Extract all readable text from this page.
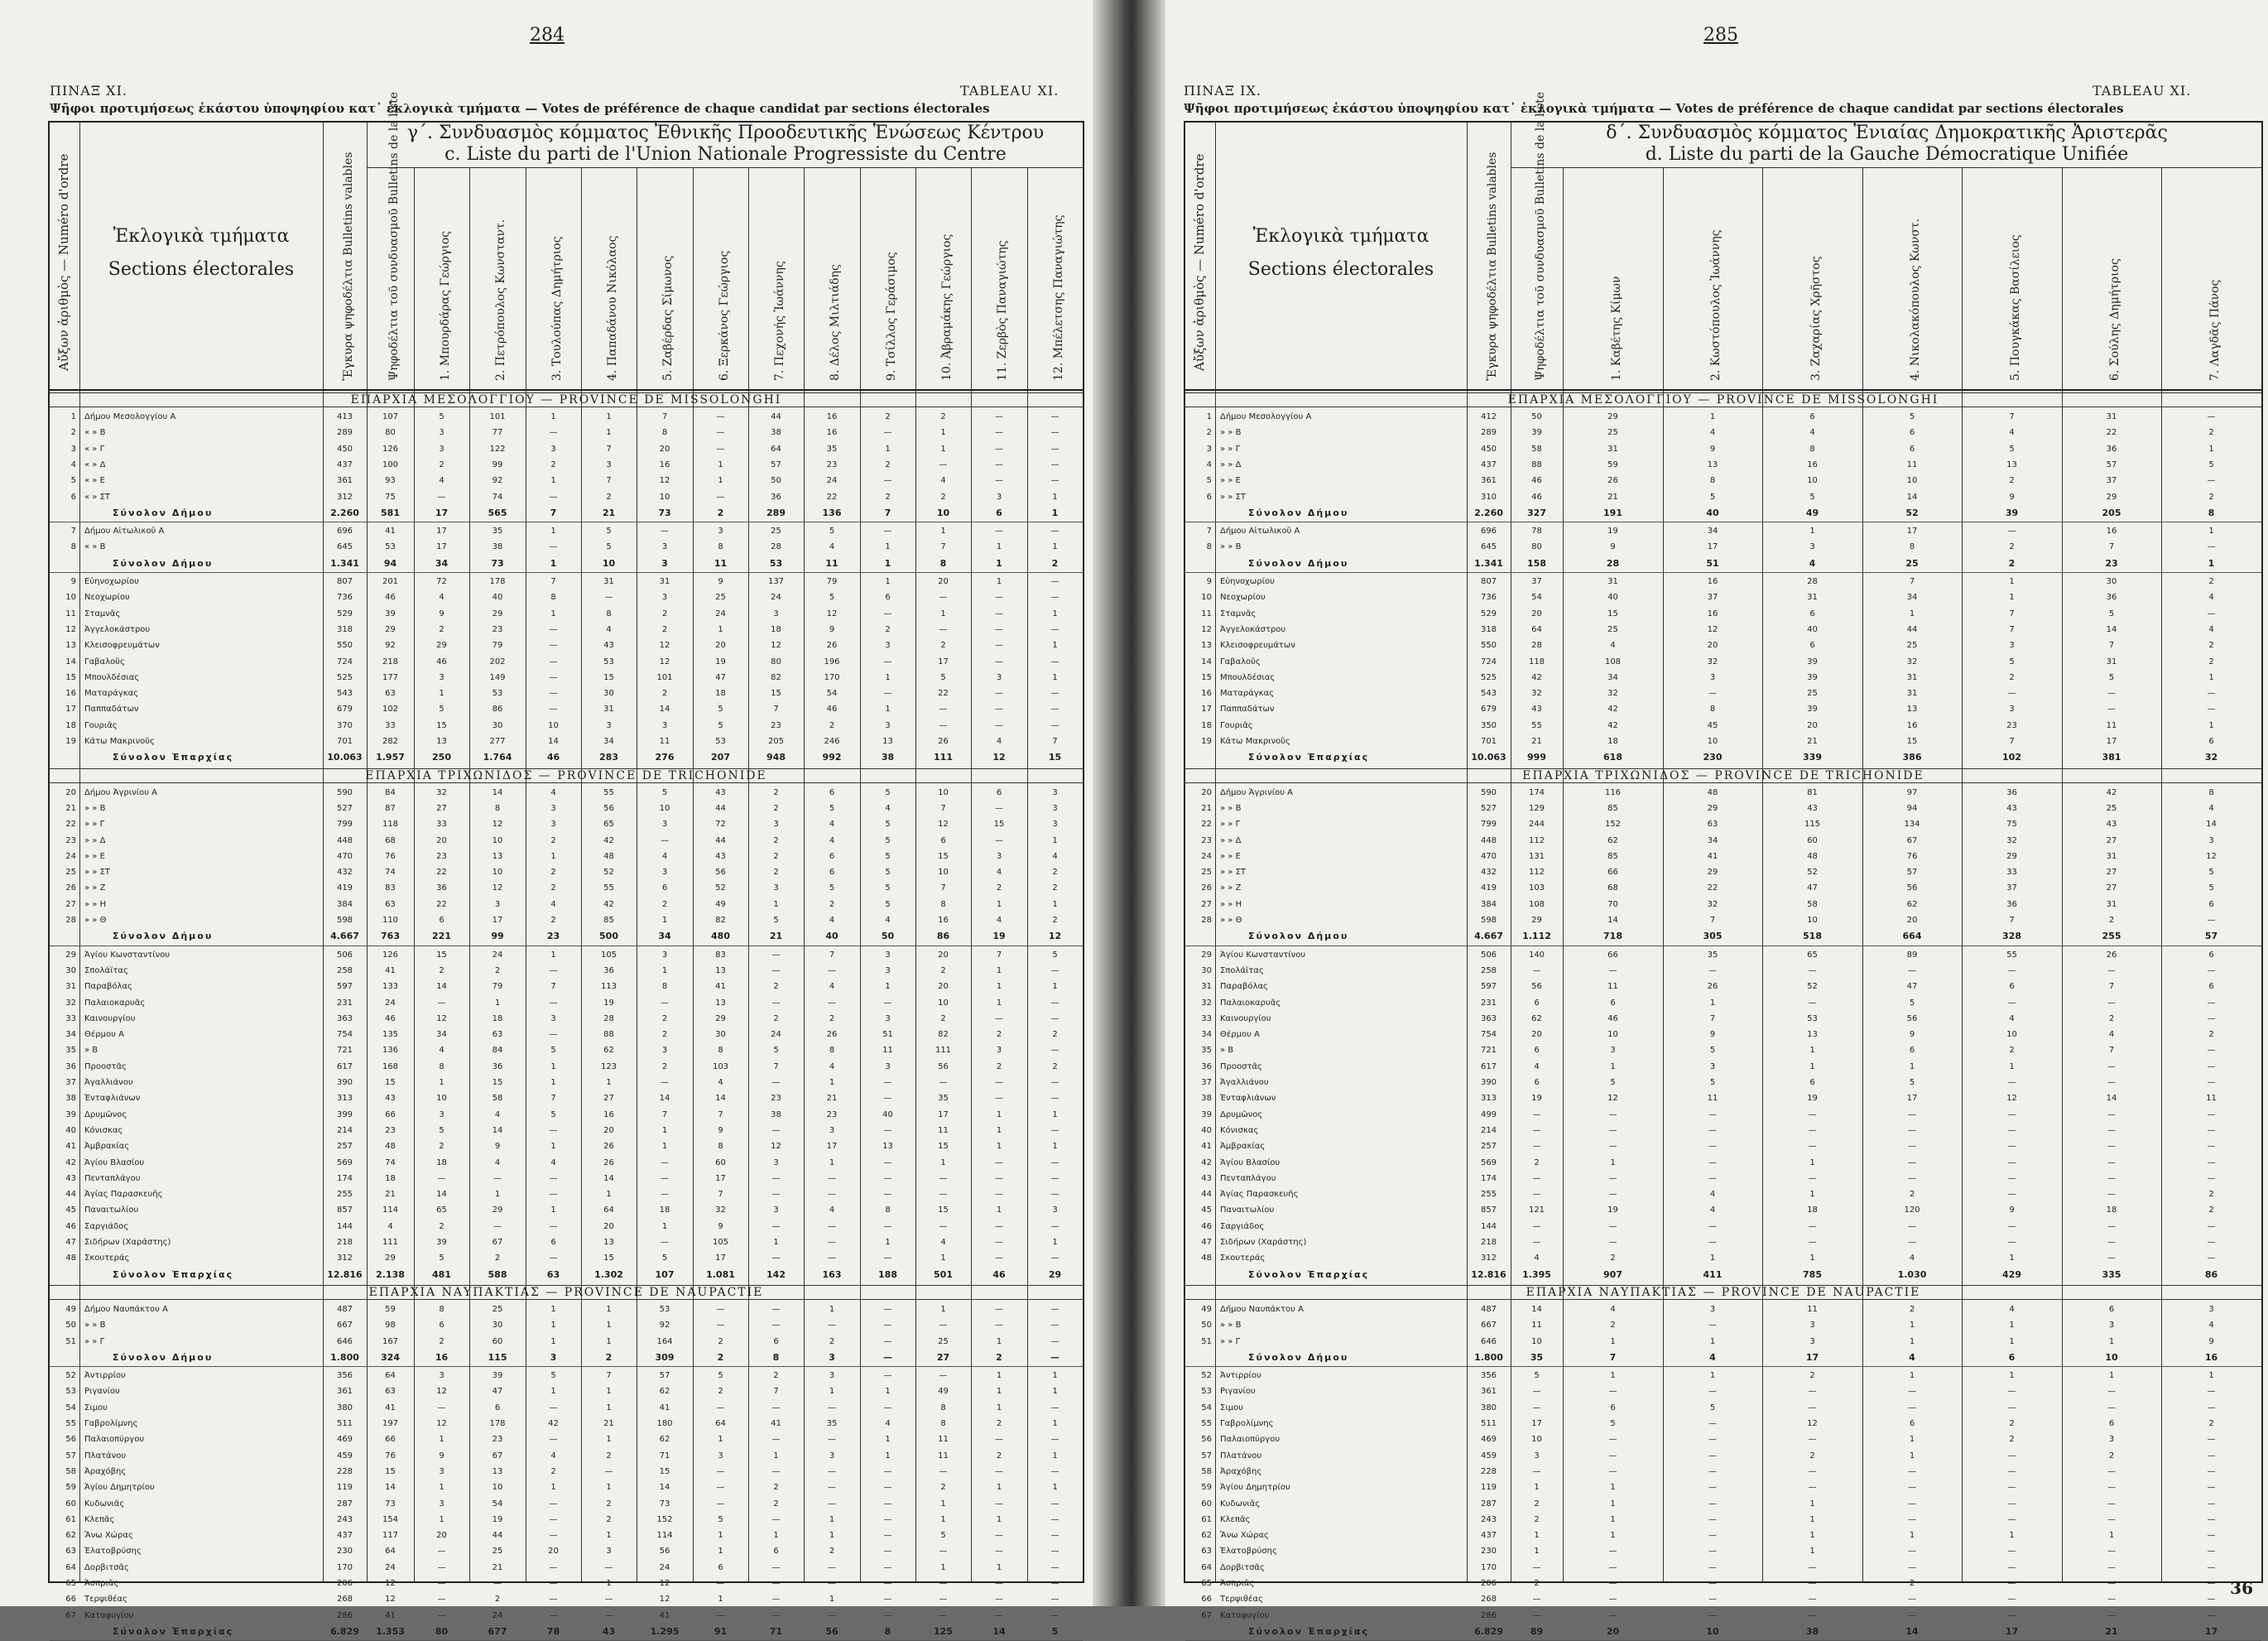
284
ΠΙΝΑΞ XI.	TABLEAU XI.
Ψῆφοι προτιμήσεως ἑκάστου ὑποψηφίου κατ᾽ ἐκλογικὰ τμήματα — Votes de préférence de chaque candidat par sections électorales
Αὔξων ἀριθμὸς — Numéro d'ordre	Ἐκλογικὰ τμήματα
Sections électorales	Ἔγκυρα ψηφοδέλτια Bulletins valables
γ΄. Συνδυασμὸς κόμματος Ἐθνικῆς Προοδευτικῆς Ἑνώσεως Κέντρου
c. Liste du parti de l'Union Nationale Progressiste du Centre
Ψηφοδέλτια τοῦ συνδυασμοῦ Bulletins de la liste	1. Μπουρδάρας Γεώργιος	2. Πετρόπουλος Κωνσταντ.	3. Τουλούπας Δημήτριος	4. Παπαδάνου Νικόλαος	5. Ζαβέρδας Σίμωνος	6. Ξερκάνος Γεώργιος	7. Πεχονής Ἰωάννης	8. Δέλος Μιλτιάδης	9. Τσίλλος Γεράσιμος	10. Ἀβραμάκης Γεώργιος	11. Ζερβὸς Παναγιώτης	12. Μπέλετσης Παναγιώτης
ΕΠΑΡΧΙΑ ΜΕΣΟΛΟΓΓΙΟΥ — PROVINCE DE MISSOLONGHI
1 Δήμου Μεσολογγίου Α	413	107	5	101	1	1	7	—	44	16	2	2	—	—
2 « » Β	289	80	3	77	—	1	8	—	38	16	—	1	—	—
3 « » Γ	450	126	3	122	3	7	20	—	64	35	1	1	—	—
4 « » Δ	437	100	2	99	2	3	16	1	57	23	2	—	—	—
5 « » Ε	361	93	4	92	1	7	12	1	50	24	—	4	—	—
6 « » ΣΤ	312	75	—	74	—	2	10	—	36	22	2	2	3	1
Σύνολον Δήμου	2.260	581	17	565	7	21	73	2	289	136	7	10	6	1
7 Δήμου Αἰτωλικοῦ Α	696	41	17	35	1	5	—	3	25	5	—	1	—	—
8 « » Β	645	53	17	38	—	5	3	8	28	4	1	7	1	1
Σύνολον Δήμου	1.341	94	34	73	1	10	3	11	53	11	1	8	1	2
9 Εὐηνοχωρίου	807	201	72	178	7	31	31	9	137	79	1	20	1	—
10 Νεοχωρίου	736	46	4	40	8	—	3	25	24	5	6	—	—	—
11 Σταμνᾶς	529	39	9	29	1	8	2	24	3	12	—	1	—	1
12 Ἀγγελοκάστρου	318	29	2	23	—	4	2	1	18	9	2	—	—	—
13 Κλεισοφρευμάτων	550	92	29	79	—	43	12	20	12	26	3	2	—	1
14 Γαβαλοῦς	724	218	46	202	—	53	12	19	80	196	—	17	—	—
15 Μπουλδέσιας	525	177	3	149	—	15	101	47	82	170	1	5	3	1
16 Ματαράγκας	543	63	1	53	—	30	2	18	15	54	—	22	—	—
17 Παππαδάτων	679	102	5	86	—	31	14	5	7	46	1	—	—	—
18 Γουριᾶς	370	33	15	30	10	3	3	5	23	2	3	—	—	—
19 Κάτω Μακρινοῦς	701	282	13	277	14	34	11	53	205	246	13	26	4	7
Σύνολον Ἐπαρχίας	10.063	1.957	250	1.764	46	283	276	207	948	992	38	111	12	15
ΕΠΑΡΧΙΑ ΤΡΙΧΩΝΙΔΟΣ — PROVINCE DE TRICHONIDE
20 Δήμου Ἀγρινίου Α	590	84	32	14	4	55	5	43	2	6	5	10	6	3
21 » » Β	527	87	27	8	3	56	10	44	2	5	4	7	—	3
22 » » Γ	799	118	33	12	3	65	3	72	3	4	5	12	15	3
23 » » Δ	448	68	20	10	2	42	—	44	2	4	5	6	—	1
24 » » Ε	470	76	23	13	1	48	4	43	2	6	5	15	3	4
25 » » ΣΤ	432	74	22	10	2	52	3	56	2	6	5	10	4	2
26 » » Ζ	419	83	36	12	2	55	6	52	3	5	5	7	2	2
27 » » Η	384	63	22	3	4	42	2	49	1	2	5	8	1	1
28 » » Θ	598	110	6	17	2	85	1	82	5	4	4	16	4	2
Σύνολον Δήμου	4.667	763	221	99	23	500	34	480	21	40	50	86	19	12
29 Ἁγίου Κωνσταντίνου	506	126	15	24	1	105	3	83	—	7	3	20	7	5
30 Σπολάϊτας	258	41	2	2	—	36	1	13	—	—	3	2	1	—
31 Παραβόλας	597	133	14	79	7	113	8	41	2	4	1	20	1	1
32 Παλαιοκαρυᾶς	231	24	—	1	—	19	—	13	—	—	—	10	1	—
33 Καινουργίου	363	46	12	18	3	28	2	29	2	2	3	2	—	—
34 Θέρμου Α	754	135	34	63	—	88	2	30	24	26	51	82	2	2
35 » Β	721	136	4	84	5	62	3	8	5	8	11	111	3	—
36 Προοστᾶς	617	168	8	36	1	123	2	103	7	4	3	56	2	2
37 Ἀγαλλιάνου	390	15	1	15	1	1	—	4	—	1	—	—	—	—
38 Ἐνταφλιάνων	313	43	10	58	7	27	14	14	23	21	—	35	—	—
39 Δρυμῶνος	399	66	3	4	5	16	7	7	38	23	40	17	1	1
40 Κόνισκας	214	23	5	14	—	20	1	9	—	3	—	11	1	—
41 Ἀμβρακίας	257	48	2	9	1	26	1	8	12	17	13	15	1	1
42 Ἁγίου Βλασίου	569	74	18	4	4	26	—	60	3	1	—	1	—	—
43 Πενταπλάγου	174	18	—	—	—	14	—	17	—	—	—	—	—	—
44 Ἁγίας Παρασκευῆς	255	21	14	1	—	1	—	7	—	—	—	—	—	—
45 Παναιτωλίου	857	114	65	29	1	64	18	32	3	4	8	15	1	3
46 Σαργιάδος	144	4	2	—	—	20	1	9	—	—	—	—	—	—
47 Σιδήρων (Χαράστης)	218	111	39	67	6	13	—	105	1	—	1	4	—	1
48 Σκουτεράς	312	29	5	2	—	15	5	17	—	—	—	1	—	—
Σύνολον Ἐπαρχίας	12.816	2.138	481	588	63	1.302	107	1.081	142	163	188	501	46	29
ΕΠΑΡΧΙΑ ΝΑΥΠΑΚΤΙΑΣ — PROVINCE DE NAUPACTIE
49 Δήμου Ναυπάκτου Α	487	59	8	25	1	1	53	—	—	1	—	1	—	—
50 » » Β	667	98	6	30	1	1	92	—	—	—	—	—	—	—
51 » » Γ	646	167	2	60	1	1	164	2	6	2	—	25	1	—
Σύνολον Δήμου	1.800	324	16	115	3	2	309	2	8	3	—	27	2	—
52 Ἀντιρρίου	356	64	3	39	5	7	57	5	2	3	—	—	1	1
53 Ριγανίου	361	63	12	47	1	1	62	2	7	1	1	49	1	1
54 Σιμου	380	41	—	6	—	1	41	—	—	—	—	8	1	—
55 Γαβρολίμνης	511	197	12	178	42	21	180	64	41	35	4	8	2	1
56 Παλαιοπύργου	469	66	1	23	—	1	62	1	—	—	1	11	—	—
57 Πλατάνου	459	76	9	67	4	2	71	3	1	3	1	11	2	1
58 Ἀραχόβης	228	15	3	13	2	—	15	—	—	—	—	—	—	—
59 Ἁγίου Δημητρίου	119	14	1	10	1	1	14	—	2	—	—	2	1	1
60 Κυδωνιᾶς	287	73	3	54	—	2	73	—	2	—	—	1	—	—
61 Κλεπᾶς	243	154	1	19	—	2	152	5	—	1	—	1	1	—
62 Ἄνω Χώρας	437	117	20	44	—	1	114	1	1	1	—	5	—	—
63 Ἐλατοβρύσης	230	64	—	25	20	3	56	1	6	2	—	—	—	—
64 Δορβιτσᾶς	170	24	—	21	—	—	24	6	—	—	—	1	1	—
65 Ἀσπριᾶς	206	12	—	—	—	1	12	—	—	—	—	—	—	—
66 Τερψιθέας	268	12	—	2	—	—	12	1	—	1	—	—	—	—
67 Καταφυγίου	286	41	—	24	—	—	41	—	—	—	—	—	—	—
Σύνολον Ἐπαρχίας	6.829	1.353	80	677	78	43	1.295	91	71	56	8	125	14	5
285
ΠΙΝΑΞ IX.	TABLEAU XI.
Ψῆφοι προτιμήσεως ἑκάστου ὑποψηφίου κατ᾽ ἐκλογικὰ τμήματα — Votes de préférence de chaque candidat par sections électorales
Αὔξων ἀριθμὸς — Numéro d'ordre	Ἐκλογικὰ τμήματα
Sections électorales	Ἔγκυρα ψηφοδέλτια Bulletins valables
δ΄. Συνδυασμὸς κόμματος Ἑνιαίας Δημοκρατικῆς Ἀριστερᾶς
d. Liste du parti de la Gauche Démocratique Unifiée
Ψηφοδέλτια τοῦ συνδυασμοῦ Bulletins de la liste	1. Καβέτης Κίμων	2. Κωστόπουλος Ἰωάννης	3. Ζαχαρίας Χρῆστος	4. Νικολακόπουλος Κωνστ.	5. Πουγκάκας Βασίλειος	6. Σούλης Δημήτριος	7. Λαγδᾶς Πάνος
ΕΠΑΡΧΙΑ ΜΕΣΟΛΟΓΓΙΟΥ — PROVINCE DE MISSOLONGHI
1 Δήμου Μεσολογγίου Α	412	50	29	1	6	5	7	31	—
2 » » Β	289	39	25	4	4	6	4	22	2
3 » » Γ	450	58	31	9	8	6	5	36	1
4 » » Δ	437	88	59	13	16	11	13	57	5
5 » » Ε	361	46	26	8	10	10	2	37	—
6 » » ΣΤ	310	46	21	5	5	14	9	29	2
Σύνολον Δήμου	2.260	327	191	40	49	52	39	205	8
7 Δήμου Αἰτωλικοῦ Α	696	78	19	34	1	17	—	16	1
8 » » Β	645	80	9	17	3	8	2	7	—
Σύνολον Δήμου	1.341	158	28	51	4	25	2	23	1
9 Εὐηνοχωρίου	807	37	31	16	28	7	1	30	2
10 Νεοχωρίου	736	54	40	37	31	34	1	36	4
11 Σταμνᾶς	529	20	15	16	6	1	7	5	—
12 Ἀγγελοκάστρου	318	64	25	12	40	44	7	14	4
13 Κλεισοφρευμάτων	550	28	4	20	6	25	3	7	2
14 Γαβαλοῦς	724	118	108	32	39	32	5	31	2
15 Μπουλδέσιας	525	42	34	3	39	31	2	5	1
16 Ματαράγκας	543	32	32	—	25	31	—	—	—
17 Παππαδάτων	679	43	42	8	39	13	3	—	—
18 Γουριᾶς	350	55	42	45	20	16	23	11	1
19 Κάτω Μακρινοῦς	701	21	18	10	21	15	7	17	6
Σύνολον Ἐπαρχίας	10.063	999	618	230	339	386	102	381	32
ΕΠΑΡΧΙΑ ΤΡΙΧΩΝΙΔΟΣ — PROVINCE DE TRICHONIDE
20 Δήμου Ἀγρινίου Α	590	174	116	48	81	97	36	42	8
21 » » Β	527	129	85	29	43	94	43	25	4
22 » » Γ	799	244	152	63	115	134	75	43	14
23 » » Δ	448	112	62	34	60	67	32	27	3
24 » » Ε	470	131	85	41	48	76	29	31	12
25 » » ΣΤ	432	112	66	29	52	57	33	27	5
26 » » Ζ	419	103	68	22	47	56	37	27	5
27 » » Η	384	108	70	32	58	62	36	31	6
28 » » Θ	598	29	14	7	10	20	7	2	—
Σύνολον Δήμου	4.667	1.112	718	305	518	664	328	255	57
29 Ἁγίου Κωνσταντίνου	506	140	66	35	65	89	55	26	6
30 Σπολάϊτας	258	—	—	—	—	—	—	—	—
31 Παραβόλας	597	56	11	26	52	47	6	7	6
32 Παλαιοκαρυᾶς	231	6	6	1	—	5	—	—	—
33 Καινουργίου	363	62	46	7	53	56	4	2	—
34 Θέρμου Α	754	20	10	9	13	9	10	4	2
35 » Β	721	6	3	5	1	6	2	7	—
36 Προοστᾶς	617	4	1	3	1	1	1	—	—
37 Ἀγαλλιάνου	390	6	5	5	6	5	—	—	—
38 Ἐνταφλιάνων	313	19	12	11	19	17	12	14	11
39 Δρυμῶνος	499	—	—	—	—	—	—	—	—
40 Κόνισκας	214	—	—	—	—	—	—	—	—
41 Ἀμβρακίας	257	—	—	—	—	—	—	—	—
42 Ἁγίου Βλασίου	569	2	1	—	1	—	—	—	—
43 Πενταπλάγου	174	—	—	—	—	—	—	—	—
44 Ἁγίας Παρασκευῆς	255	—	—	4	1	2	—	—	2
45 Παναιτωλίου	857	121	19	4	18	120	9	18	2
46 Σαργιάδος	144	—	—	—	—	—	—	—	—
47 Σιδήρων (Χαράστης)	218	—	—	—	—	—	—	—	—
48 Σκουτεράς	312	4	2	1	1	4	1	—	—
Σύνολον Ἐπαρχίας	12.816	1.395	907	411	785	1.030	429	335	86
ΕΠΑΡΧΙΑ ΝΑΥΠΑΚΤΙΑΣ — PROVINCE DE NAUPACTIE
49 Δήμου Ναυπάκτου Α	487	14	4	3	11	2	4	6	3
50 » » Β	667	11	2	—	3	1	1	3	4
51 » » Γ	646	10	1	1	3	1	1	1	9
Σύνολον Δήμου	1.800	35	7	4	17	4	6	10	16
52 Ἀντιρρίου	356	5	1	1	2	1	1	1	1
53 Ριγανίου	361	—	—	—	—	—	—	—	—
54 Σιμου	380	—	6	5	—	—	—	—	—
55 Γαβρολίμνης	511	17	5	—	12	6	2	6	2
56 Παλαιοπύργου	469	10	—	—	—	1	2	3	—
57 Πλατάνου	459	3	—	—	2	1	—	2	—
58 Ἀραχόβης	228	—	—	—	—	—	—	—	—
59 Ἁγίου Δημητρίου	119	1	1	—	—	—	—	—	—
60 Κυδωνιᾶς	287	2	1	—	1	—	—	—	—
61 Κλεπᾶς	243	2	1	—	1	—	—	—	—
62 Ἄνω Χώρας	437	1	1	—	1	1	1	1	—
63 Ἐλατοβρύσης	230	1	—	—	1	—	—	—	—
64 Δορβιτσᾶς	170	—	—	—	—	—	—	—	—
65 Ἀσπριᾶς	206	2	—	—	—	2	—	—	—
66 Τερψιθέας	268	—	—	—	—	—	—	—	—
67 Καταφυγίου	286	—	—	—	—	—	—	—	—
Σύνολον Ἐπαρχίας	6.829	89	20	10	38	14	17	21	17
36
